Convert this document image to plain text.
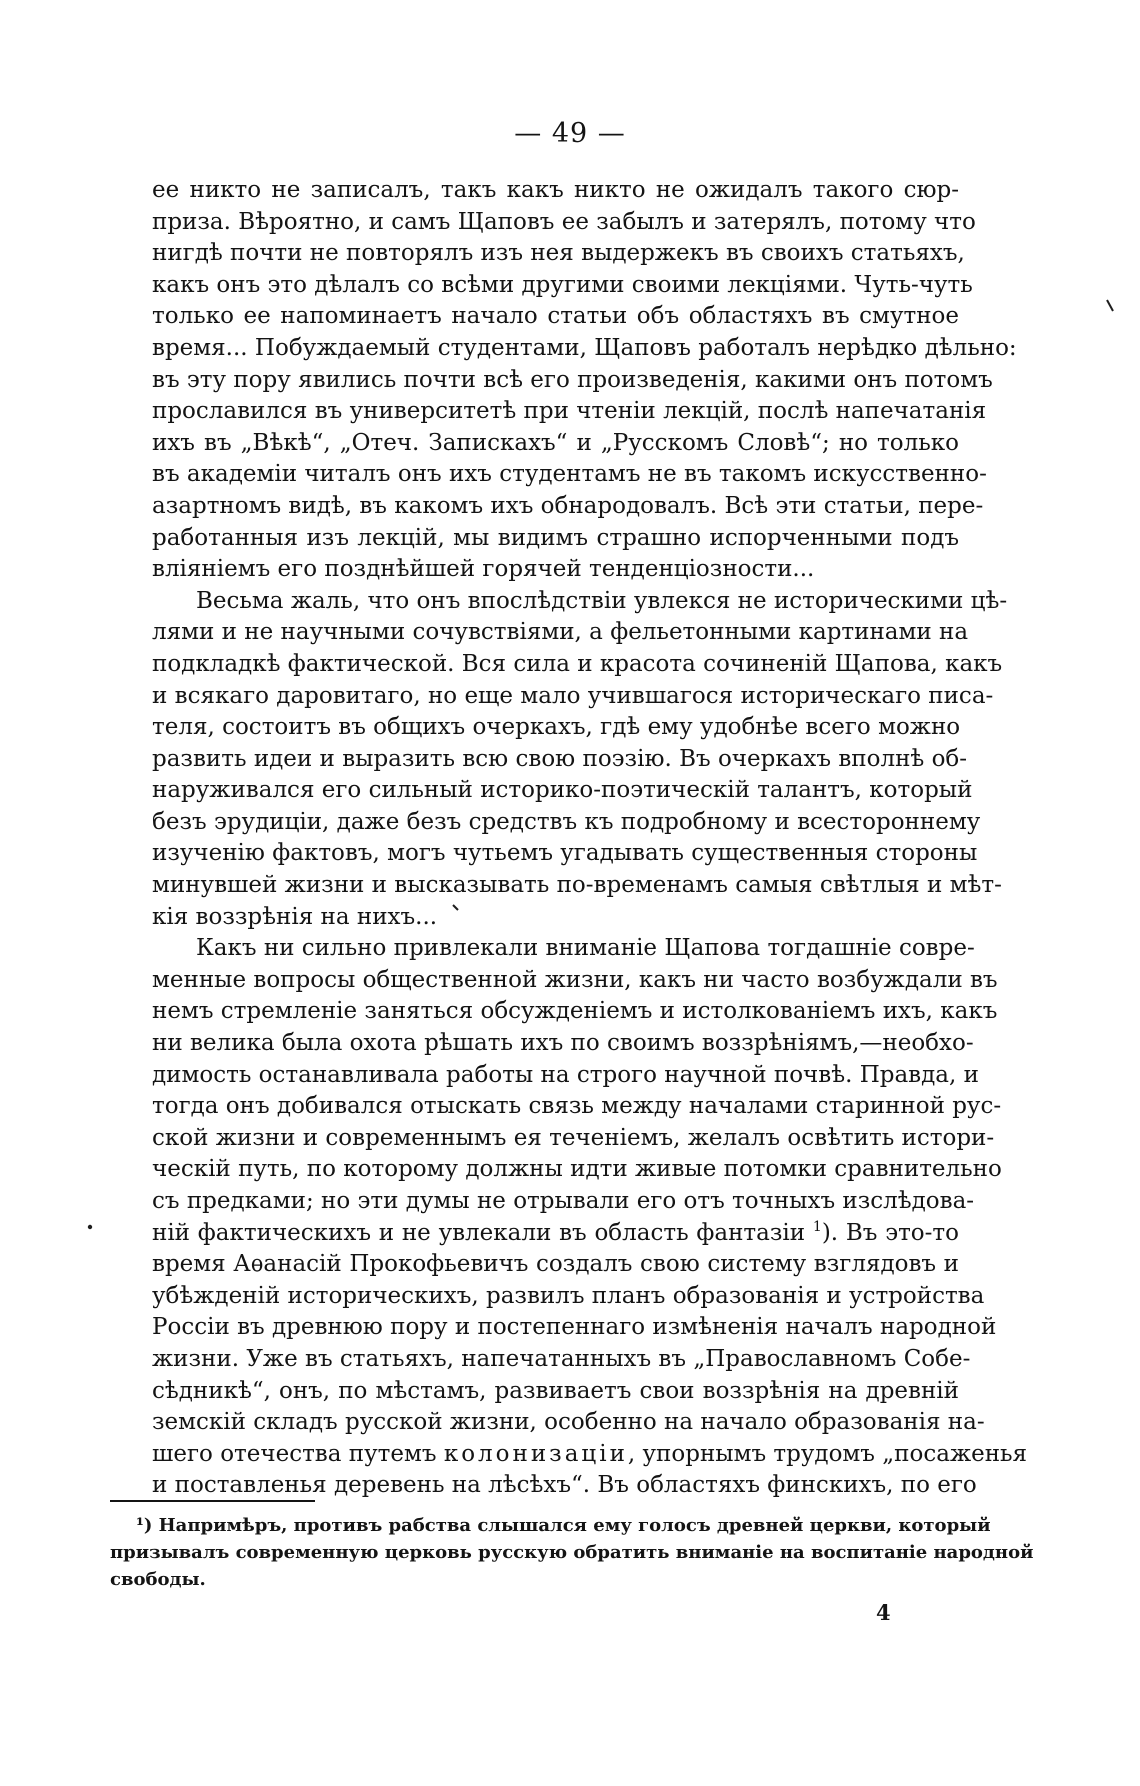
— 49 —
ее никто не записалъ, такъ какъ никто не ожидалъ такого сюр-
приза. Вѣроятно, и самъ Щаповъ ее забылъ и затерялъ, потому что
нигдѣ почти не повторялъ изъ нея выдержекъ въ своихъ статьяхъ,
какъ онъ это дѣлалъ со всѣми другими своими лекціями. Чуть-чуть
только ее напоминаетъ начало статьи объ областяхъ въ смутное
время... Побуждаемый студентами, Щаповъ работалъ нерѣдко дѣльно:
въ эту пору явились почти всѣ его произведенія, какими онъ потомъ
прославился въ университетѣ при чтеніи лекцій, послѣ напечатанія
ихъ въ „Вѣкѣ“, „Отеч. Запискахъ“ и „Русскомъ Словѣ“; но только
въ академіи читалъ онъ ихъ студентамъ не въ такомъ искусственно-
азартномъ видѣ, въ какомъ ихъ обнародовалъ. Всѣ эти статьи, пере-
работанныя изъ лекцій, мы видимъ страшно испорченными подъ
вліяніемъ его позднѣйшей горячей тенденціозности...
Весьма жаль, что онъ впослѣдствіи увлекся не историческими цѣ-
лями и не научными сочувствіями, а фельетонными картинами на
подкладкѣ фактической. Вся сила и красота сочиненій Щапова, какъ
и всякаго даровитаго, но еще мало учившагося историческаго писа-
теля, состоитъ въ общихъ очеркахъ, гдѣ ему удобнѣе всего можно
развить идеи и выразить всю свою поэзію. Въ очеркахъ вполнѣ об-
наруживался его сильный историко-поэтическій талантъ, который
безъ эрудиціи, даже безъ средствъ къ подробному и всестороннему
изученію фактовъ, могъ чутьемъ угадывать существенныя стороны
минувшей жизни и высказывать по-временамъ самыя свѣтлыя и мѣт-
кія воззрѣнія на нихъ...
Какъ ни сильно привлекали вниманіе Щапова тогдашніе совре-
менные вопросы общественной жизни, какъ ни часто возбуждали въ
немъ стремленіе заняться обсужденіемъ и истолкованіемъ ихъ, какъ
ни велика была охота рѣшать ихъ по своимъ воззрѣніямъ,—необхо-
димость останавливала работы на строго научной почвѣ. Правда, и
тогда онъ добивался отыскать связь между началами старинной рус-
ской жизни и современнымъ ея теченіемъ, желалъ освѣтить истори-
ческій путь, по которому должны идти живые потомки сравнительно
съ предками; но эти думы не отрывали его отъ точныхъ изслѣдова-
ній фактическихъ и не увлекали въ область фантазіи $^1$). Въ это-то
время Аѳанасій Прокофьевичъ создалъ свою систему взглядовъ и
убѣжденій историческихъ, развилъ планъ образованія и устройства
Россіи въ древнюю пору и постепеннаго измѣненія началъ народной
жизни. Уже въ статьяхъ, напечатанныхъ въ „Православномъ Собе-
сѣдникѣ“, онъ, по мѣстамъ, развиваетъ свои воззрѣнія на древній
земскій складъ русской жизни, особенно на начало образованія на-
шего отечества путемъ колонизаціи, упорнымъ трудомъ „посаженья
и поставленья деревень на лѣсѣхъ“. Въ областяхъ финскихъ, по его
¹) Напримѣръ, противъ рабства слышался ему голосъ древней церкви, который
призывалъ современную церковь русскую обратить вниманіе на воспитаніе народной
свободы.
4
